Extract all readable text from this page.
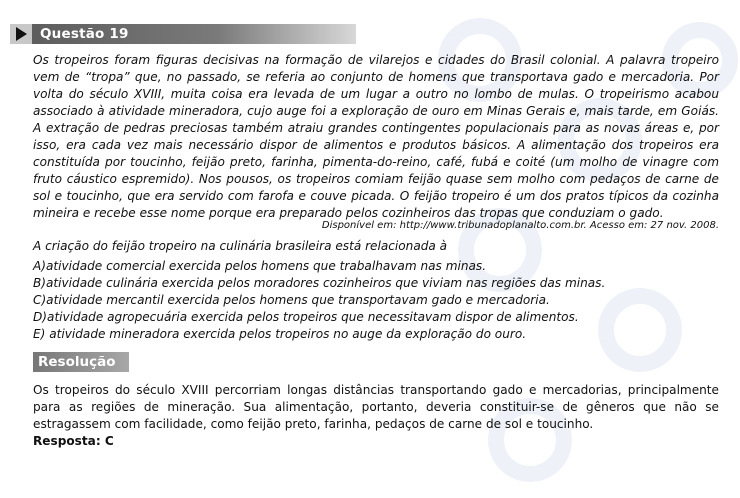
Questão 19
Os tropeiros foram figuras decisivas na formação de vilarejos e cidades do Brasil colonial. A palavra tropeiro vem de “tropa” que, no passado, se referia ao conjunto de homens que transportava gado e mercadoria. Por volta do século XVIII, muita coisa era levada de um lugar a outro no lombo de mulas. O tropeirismo acabou associado à atividade mineradora, cujo auge foi a exploração de ouro em Minas Gerais e, mais tarde, em Goiás. A extração de pedras preciosas também atraiu grandes contingentes populacionais para as novas áreas e, por isso, era cada vez mais necessário dispor de alimentos e produtos básicos. A alimentação dos tropeiros era constituída por toucinho, feijão preto, farinha, pimenta-do-reino, café, fubá e coité (um molho de vinagre com fruto cáustico espremido). Nos pousos, os tropeiros comiam feijão quase sem molho com pedaços de carne de sol e toucinho, que era servido com farofa e couve picada. O feijão tropeiro é um dos pratos típicos da cozinha mineira e recebe esse nome porque era preparado pelos cozinheiros das tropas que conduziam o gado.
Disponível em: http://www.tribunadoplanalto.com.br. Acesso em: 27 nov. 2008.
A criação do feijão tropeiro na culinária brasileira está relacionada à
A)atividade comercial exercida pelos homens que trabalhavam nas minas.
B)atividade culinária exercida pelos moradores cozinheiros que viviam nas regiões das minas.
C)atividade mercantil exercida pelos homens que transportavam gado e mercadoria.
D)atividade agropecuária exercida pelos tropeiros que necessitavam dispor de alimentos.
E) atividade mineradora exercida pelos tropeiros no auge da exploração do ouro.
Resolução
Os tropeiros do século XVIII percorriam longas distâncias transportando gado e mercadorias, principalmente para as regiões de mineração. Sua alimentação, portanto, deveria constituir-se de gêneros que não se estragassem com facilidade, como feijão preto, farinha, pedaços de carne de sol e toucinho.
Resposta: C
